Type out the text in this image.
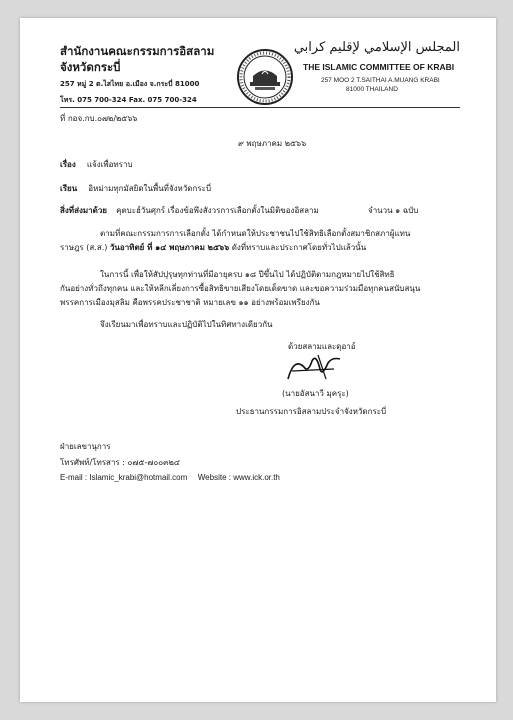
สำนักงานคณะกรรมการอิสลาม
จังหวัดกระบี่
257 หมู่ 2 ต.ไสไทย อ.เมือง จ.กระบี่ 81000
โทร. 075 700-324 Fax. 075 700-324
المجلس الإسلامي لإقليم كرابي
THE ISLAMIC COMMITTEE OF KRABI
257 MOO 2 T.SAITHAI A.MUANG KRABI
81000 THAILAND
ที่ กอจ.กบ.๐๗๒/๒๕๖๖
๙ พฤษภาคม ๒๕๖๖
เรื่อง แจ้งเพื่อทราบ
เรียน อิหม่ามทุกมัสยิดในพื้นที่จังหวัดกระบี่
สิ่งที่ส่งมาด้วย คุตบะฮ์วันศุกร์ เรื่องข้อพึงสังวรการเลือกตั้งในมิติของอิสลาม	จำนวน ๑ ฉบับ
ตามที่คณะกรรมการการเลือกตั้ง ได้กำหนดให้ประชาชนไปใช้สิทธิเลือกตั้งสมาชิกสภาผู้แทน
ราษฎร (ส.ส.) วันอาทิตย์ ที่ ๑๔ พฤษภาคม ๒๕๖๖ ดังที่ทราบและประกาศโดยทั่วไปแล้วนั้น
ในการนี้ เพื่อให้สัปปุรุษทุกท่านที่มีอายุครบ ๑๘ ปีขึ้นไป ได้ปฏิบัติตามกฎหมายไปใช้สิทธิ
กันอย่างทั่วถึงทุกคน และให้หลีกเลี่ยงการซื้อสิทธิขายเสียงโดยเด็ดขาด และขอความร่วมมือทุกคนสนับสนุน
พรรคการเมืองมุสลิม คือพรรคประชาชาติ หมายเลข ๑๑ อย่างพร้อมเพรียงกัน
จึงเรียนมาเพื่อทราบและปฏิบัติไปในทิศทางเดียวกัน
ด้วยสลามและดุอาอ์
(นายอัสนาวี มุครุะ)
ประธานกรรมการอิสลามประจำจังหวัดกระบี่
ฝ่ายเลขานุการ
โทรศัพท์/โทรสาร : ๐๗๕-๗๐๐๓๒๔
E-mail : Islamic_krabi@hotmail.com Website : www.ick.or.th
